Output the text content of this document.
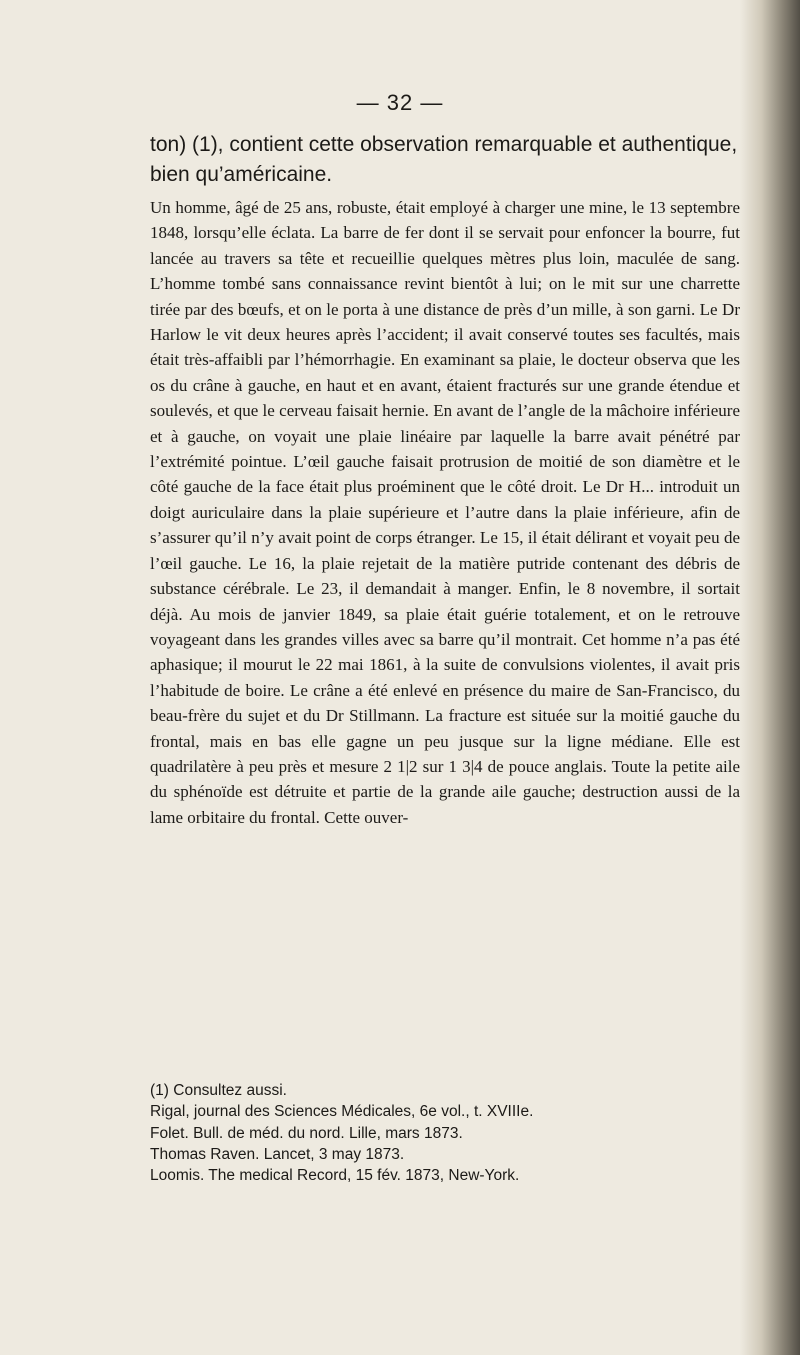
— 32 —

ton) (1), contient cette observation remarquable et authentique, bien qu’américaine.

Un homme, âgé de 25 ans, robuste, était employé à charger une mine, le 13 septembre 1848, lorsqu’elle éclata. La barre de fer dont il se servait pour enfoncer la bourre, fut lancée au travers sa tête et recueillie quelques mètres plus loin, maculée de sang. L’homme tombé sans connaissance revint bientôt à lui; on le mit sur une charrette tirée par des bœufs, et on le porta à une distance de près d’un mille, à son garni. Le Dr Harlow le vit deux heures après l’accident; il avait conservé toutes ses facultés, mais était très-affaibli par l’hémorrhagie. En examinant sa plaie, le docteur observa que les os du crâne à gauche, en haut et en avant, étaient fracturés sur une grande étendue et soulevés, et que le cerveau faisait hernie. En avant de l’angle de la mâchoire inférieure et à gauche, on voyait une plaie linéaire par laquelle la barre avait pénétré par l’extrémité pointue. L’œil gauche faisait protrusion de moitié de son diamètre et le côté gauche de la face était plus proéminent que le côté droit. Le Dr H... introduit un doigt auriculaire dans la plaie supérieure et l’autre dans la plaie inférieure, afin de s’assurer qu’il n’y avait point de corps étranger. Le 15, il était délirant et voyait peu de l’œil gauche. Le 16, la plaie rejetait de la matière putride contenant des débris de substance cérébrale. Le 23, il demandait à manger. Enfin, le 8 novembre, il sortait déjà. Au mois de janvier 1849, sa plaie était guérie totalement, et on le retrouve voyageant dans les grandes villes avec sa barre qu’il montrait. Cet homme n’a pas été aphasique; il mourut le 22 mai 1861, à la suite de convulsions violentes, il avait pris l’habitude de boire. Le crâne a été enlevé en présence du maire de San-Francisco, du beau-frère du sujet et du Dr Stillmann. La fracture est située sur la moitié gauche du frontal, mais en bas elle gagne un peu jusque sur la ligne médiane. Elle est quadrilatère à peu près et mesure 2 1|2 sur 1 3|4 de pouce anglais. Toute la petite aile du sphénoïde est détruite et partie de la grande aile gauche; destruction aussi de la lame orbitaire du frontal. Cette ouver-

(1) Consultez aussi.
Rigal, journal des Sciences Médicales, 6e vol., t. XVIIIe.
Folet. Bull. de méd. du nord. Lille, mars 1873.
Thomas Raven. Lancet, 3 may 1873.
Loomis. The medical Record, 15 fév. 1873, New-York.
